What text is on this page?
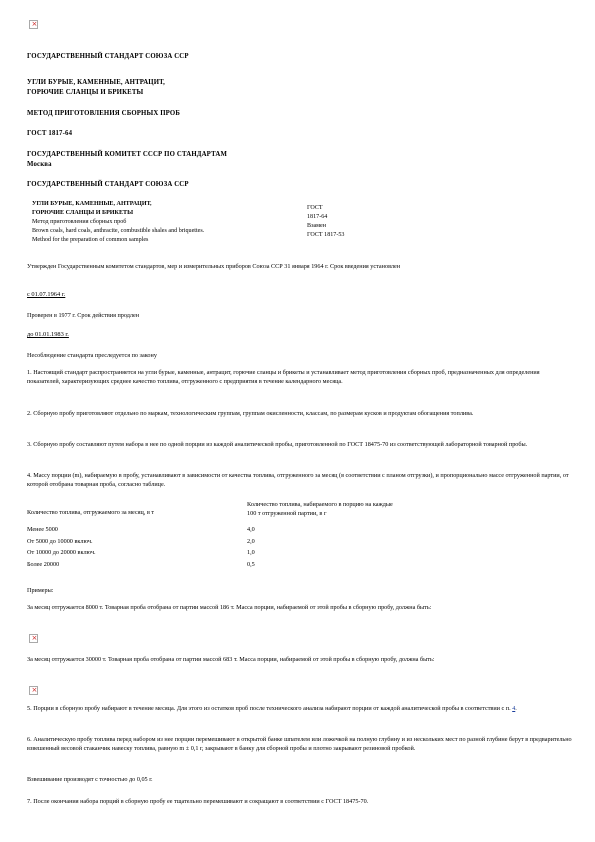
×
ГОСУДАРСТВЕННЫЙ СТАНДАРТ СОЮЗА ССР
УГЛИ БУРЫЕ, КАМЕННЫЕ, АНТРАЦИТ,
ГОРЮЧИЕ СЛАНЦЫ И БРИКЕТЫ
МЕТОД ПРИГОТОВЛЕНИЯ СБОРНЫХ ПРОБ
ГОСТ 1817-64
ГОСУДАРСТВЕННЫЙ КОМИТЕТ СССР ПО СТАНДАРТАМ
Москва
ГОСУДАРСТВЕННЫЙ СТАНДАРТ СОЮЗА ССР
УГЛИ БУРЫЕ, КАМЕННЫЕ, АНТРАЦИТ,
ГОРЮЧИЕ СЛАНЦЫ И БРИКЕТЫ
Метод приготовления сборных проб
Brown coals, hard coals, anthracite, combustible shales and briquettes.
Method for the preparation of common samples
ГОСТ
1817-64
Взамен
ГОСТ 1817-53
Утвержден Государственным комитетом стандартов, мер и измерительных приборов Союза ССР 31 января 1964 г. Срок введения установлен
с 01.07.1964 г.
Проверен в 1977 г. Срок действия продлен
до 01.01.1983 г.
Несоблюдение стандарта преследуется по закону
1. Настоящий стандарт распространяется на угли бурые, каменные, антрацит, горючие сланцы и брикеты и устанавливает метод приготовления сборных проб, предназначенных для определения показателей, характеризующих среднее качество топлива, отгруженного с предприятия в течение календарного месяца.
2. Сборную пробу приготовляют отдельно по маркам, технологическим группам, группам окисленности, классам, по размерам кусков и продуктам обогащения топлива.
3. Сборную пробу составляют путем набора в нее по одной порции из каждой аналитической пробы, приготовленной по ГОСТ 18475-70 из соответствующей лабораторной товарной пробы.
4. Массу порции (m), набираемую в пробу, устанавливают в зависимости от качества топлива, отгруженного за месяц (в соответствии с планом отгрузки), и пропорционально массе отгруженной партии, от которой отобрана товарная проба, согласно таблице.
Количество топлива, отгружаемого за месяц, в т	Количество топлива, набираемого в порцию на каждые
100 т отгруженной партии, в г

Менее 5000	4,0
От 5000 до 10000 включ.	2,0
От 10000 до 20000 включ.	1,0
Более 20000	0,5
Примеры:
За месяц отгружается 8000 т. Товарная проба отобрана от партии массой 186 т. Масса порции, набираемой от этой пробы в сборную пробу, должна быть:
×
За месяц отгружается 30000 т. Товарная проба отобрана от партии массой 683 т. Масса порции, набираемой от этой пробы в сборную пробу, должна быть:
×
5. Порции в сборную пробу набирают в течение месяца. Для этого из остатков проб после технического анализа набирают порции от каждой аналитической пробы в соответствии с п. 4.
6. Аналитическую пробу топлива перед набором из нее порции перемешивают в открытой банке шпателем или ложечкой на полную глубину и из нескольких мест по разной глубине берут в предварительно взвешенный весовой стаканчик навеску топлива, равную m ± 0,1 г, закрывают в банку для сборной пробы и плотно закрывают резиновой пробкой.
Взвешивание производят с точностью до 0,05 г.
7. После окончания набора порций в сборную пробу ее тщательно перемешивают и сокращают в соответствии с ГОСТ 18475-70.
